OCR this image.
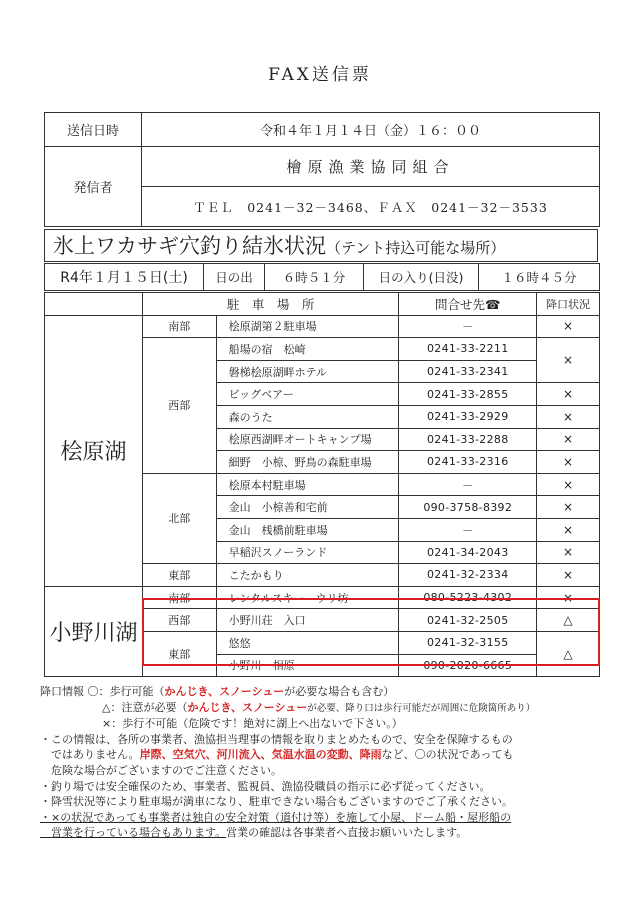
FAX送信票
送信日時	令和４年１月１４日（金）１６：００
発信者	檜原漁業協同組合
	ＴＥＬ　0241－32－3468、ＦＡＸ　0241－32－3533
氷上ワカサギ穴釣り結氷状況（テント持込可能な場所）
R4年１月１５日(土)	日の出	６時５１分	日の入り(日没)	１６時４５分
	駐　車　場　所		問合せ先☎	降口状況
桧原湖	南部	桧原湖第２駐車場	－	×
	西部	船場の宿　松崎	0241-33-2211	×
		磐梯桧原湖畔ホテル	0241-33-2341	
		ビッグベアー	0241-33-2855	×
		森のうた	0241-33-2929	×
		桧原西湖畔オートキャンプ場	0241-33-2288	×
		細野　小椋、野鳥の森駐車場	0241-33-2316	×
	北部	桧原本村駐車場	－	×
		金山　小椋善和宅前	090-3758-8392	×
		金山　桟橋前駐車場	－	×
		早稲沢スノーランド	0241-34-2043	×
	東部	こたかもり	0241-32-2334	×
小野川湖	南部	レンタルスキー　ウリ坊	080-5223-4302	×
	西部	小野川荘　入口	0241-32-2505	△
	東部	悠悠	0241-32-3155	△
		小野川　相原	090-2020-6665	
降口情報 〇：歩行可能（かんじき、スノーシューが必要な場合も含む）
△：注意が必要（かんじき、スノーシューが必要、降り口は歩行可能だが周囲に危険箇所あり）
×：歩行不可能（危険です！絶対に湖上へ出ないで下さい。）
・この情報は、各所の事業者、漁協担当理事の情報を取りまとめたもので、安全を保障するもの
　ではありません。岸際、空気穴、河川流入、気温水温の変動、降雨など、〇の状況であっても
　危険な場合がございますのでご注意ください。
・釣り場では安全確保のため、事業者、監視員、漁協役職員の指示に必ず従ってください。
・降雪状況等により駐車場が満車になり、駐車できない場合もございますのでご了承ください。
・×の状況であっても事業者は独自の安全対策（道付け等）を施して小屋、ドーム船・屋形船の
　営業を行っている場合もあります。営業の確認は各事業者へ直接お願いいたします。
